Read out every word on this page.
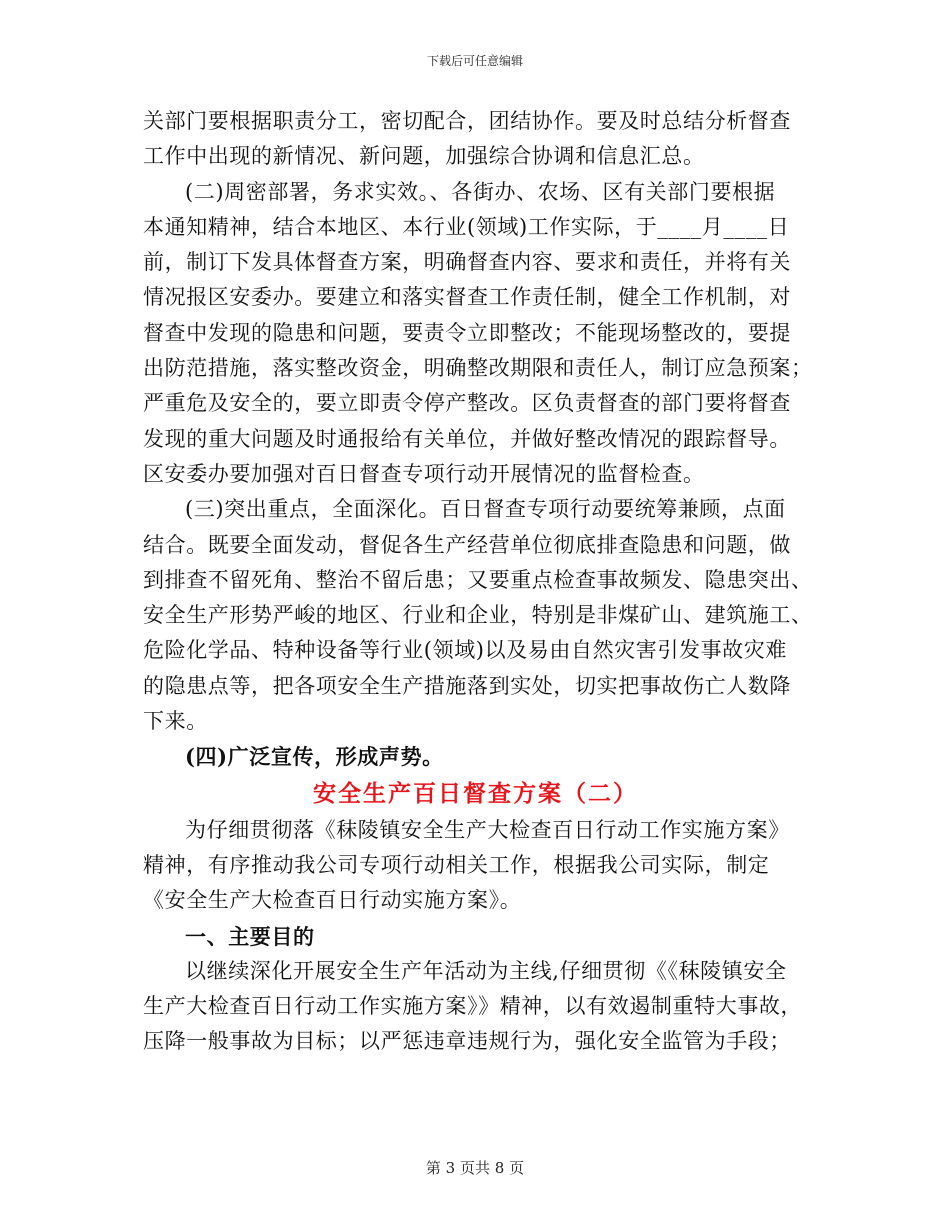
下载后可任意编辑
关部门要根据职责分工，密切配合，团结协作。要及时总结分析督查
工作中出现的新情况、新问题，加强综合协调和信息汇总。
(二)周密部署，务求实效。、各街办、农场、区有关部门要根据
本通知精神，结合本地区、本行业(领域)工作实际，于____月____日
前，制订下发具体督查方案，明确督查内容、要求和责任，并将有关
情况报区安委办。要建立和落实督查工作责任制，健全工作机制，对
督查中发现的隐患和问题，要责令立即整改；不能现场整改的，要提
出防范措施，落实整改资金，明确整改期限和责任人，制订应急预案；
严重危及安全的，要立即责令停产整改。区负责督查的部门要将督查
发现的重大问题及时通报给有关单位，并做好整改情况的跟踪督导。
区安委办要加强对百日督查专项行动开展情况的监督检查。
(三)突出重点，全面深化。百日督查专项行动要统筹兼顾，点面
结合。既要全面发动，督促各生产经营单位彻底排查隐患和问题，做
到排查不留死角、整治不留后患；又要重点检查事故频发、隐患突出、
安全生产形势严峻的地区、行业和企业，特别是非煤矿山、建筑施工、
危险化学品、特种设备等行业(领域)以及易由自然灾害引发事故灾难
的隐患点等，把各项安全生产措施落到实处，切实把事故伤亡人数降
下来。
(四)广泛宣传，形成声势。
安全生产百日督查方案（二）
为仔细贯彻落《秣陵镇安全生产大检查百日行动工作实施方案》
精神，有序推动我公司专项行动相关工作，根据我公司实际，制定
《安全生产大检查百日行动实施方案》。
一、主要目的
以继续深化开展安全生产年活动为主线,仔细贯彻《《秣陵镇安全
生产大检查百日行动工作实施方案》》精神，以有效遏制重特大事故，
压降一般事故为目标；以严惩违章违规行为，强化安全监管为手段；
第 3 页共 8 页
